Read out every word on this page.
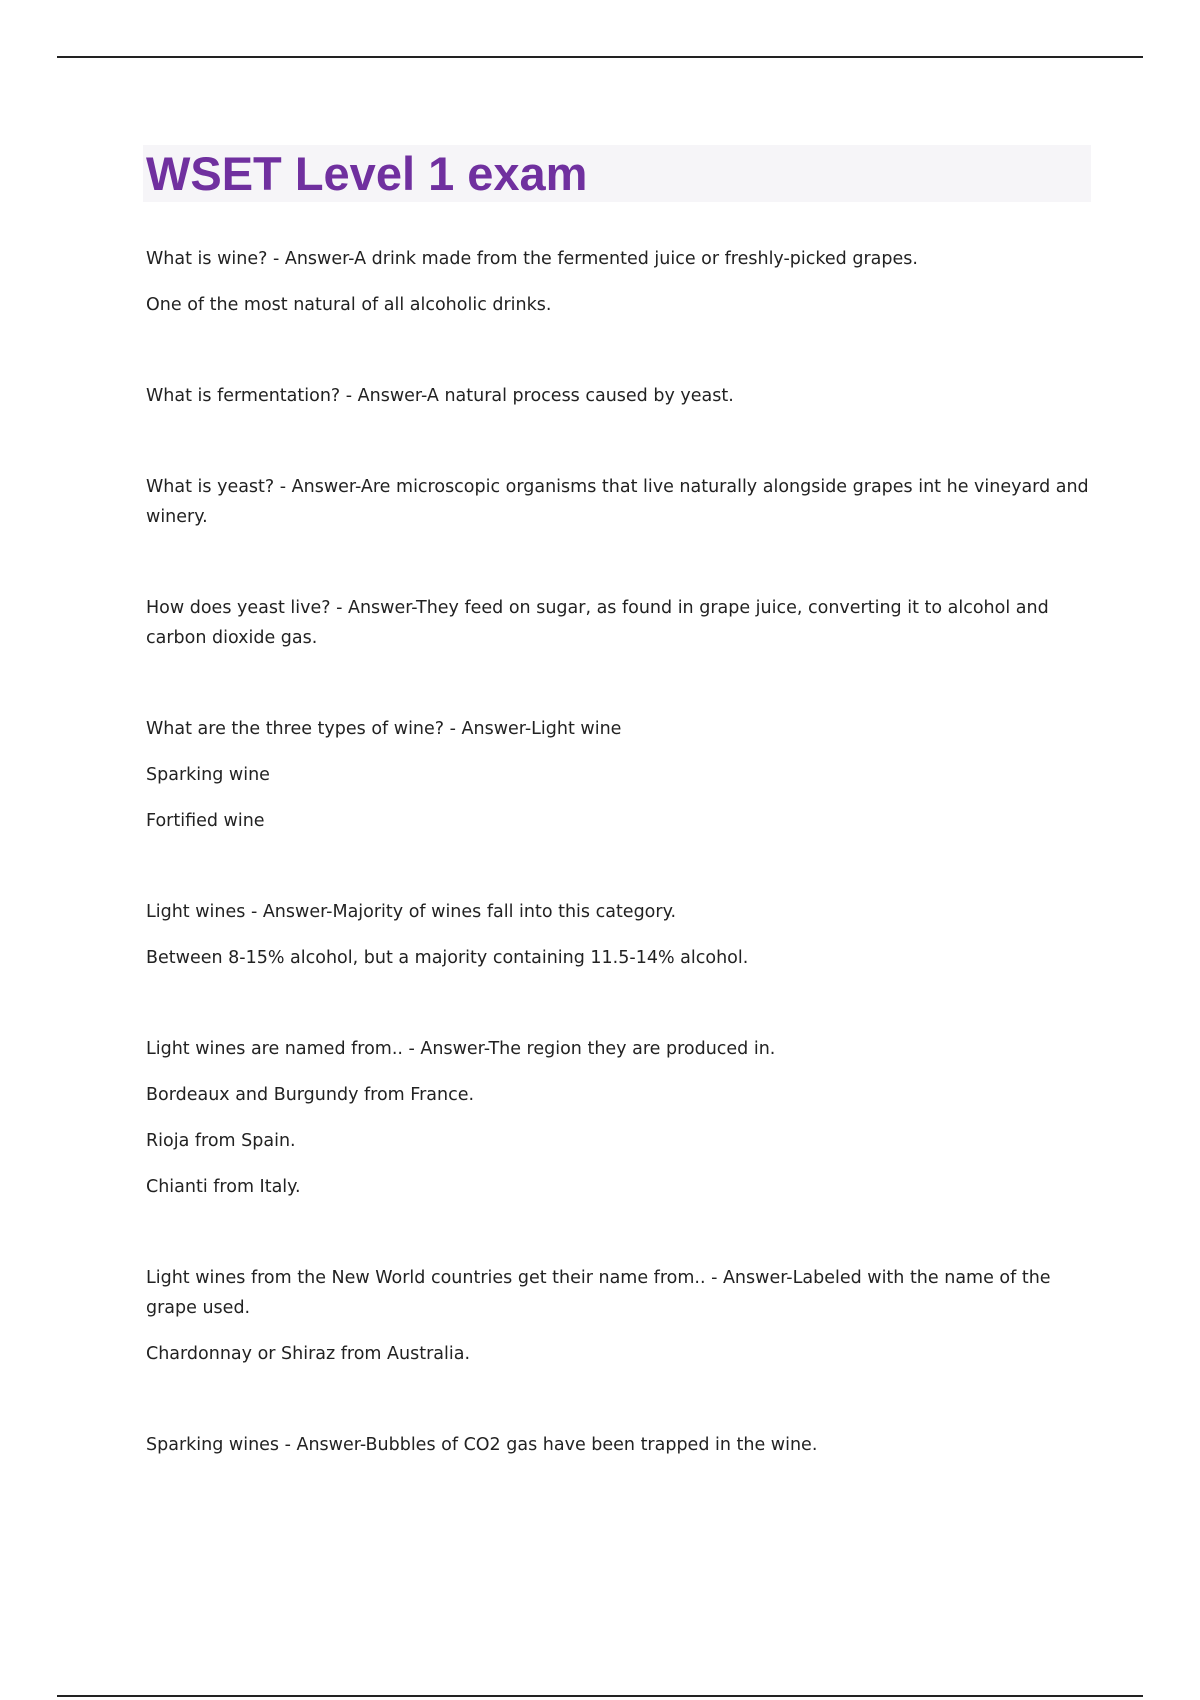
WSET Level 1 exam

What is wine? - Answer-A drink made from the fermented juice or freshly-picked grapes.

One of the most natural of all alcoholic drinks.

What is fermentation? - Answer-A natural process caused by yeast.

What is yeast? - Answer-Are microscopic organisms that live naturally alongside grapes int he vineyard and winery.

How does yeast live? - Answer-They feed on sugar, as found in grape juice, converting it to alcohol and carbon dioxide gas.

What are the three types of wine? - Answer-Light wine

Sparking wine

Fortified wine

Light wines - Answer-Majority of wines fall into this category.

Between 8-15% alcohol, but a majority containing 11.5-14% alcohol.

Light wines are named from.. - Answer-The region they are produced in.

Bordeaux and Burgundy from France.

Rioja from Spain.

Chianti from Italy.

Light wines from the New World countries get their name from.. - Answer-Labeled with the name of the grape used.

Chardonnay or Shiraz from Australia.

Sparking wines - Answer-Bubbles of CO2 gas have been trapped in the wine.
